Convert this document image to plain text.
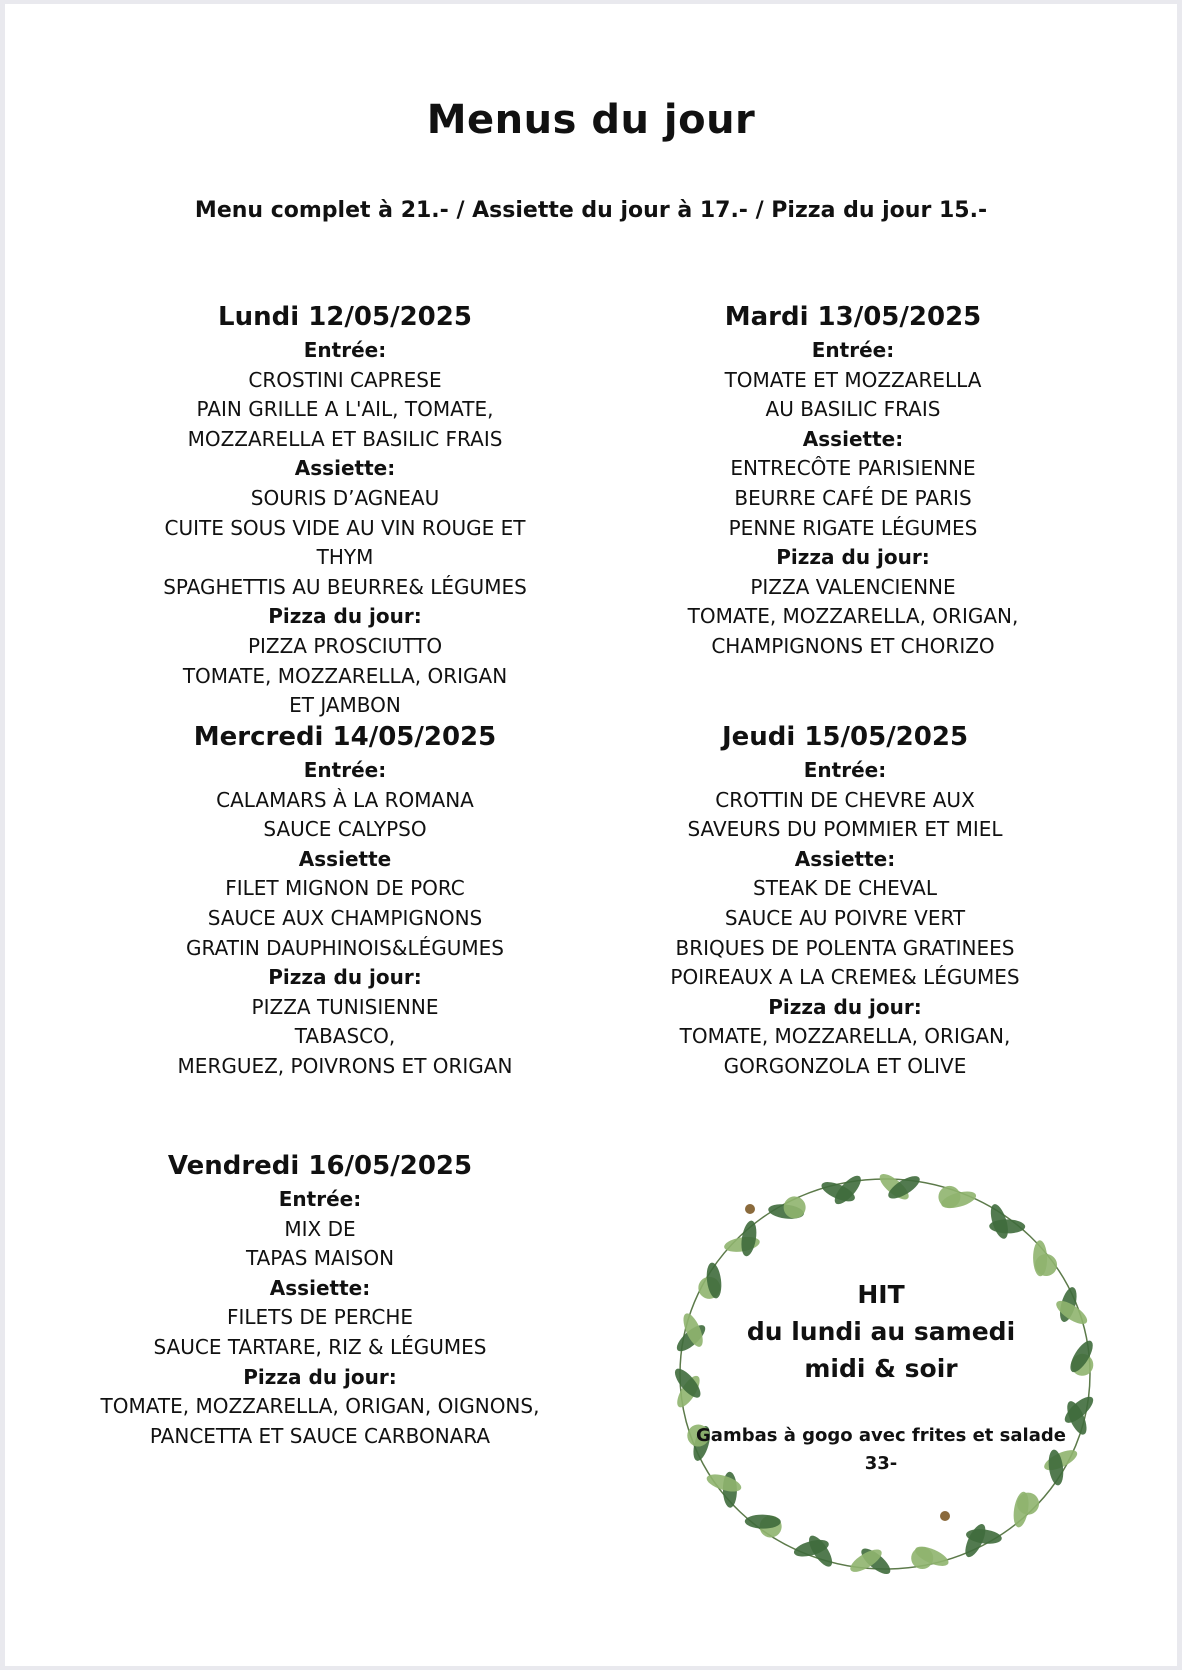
Menus du jour
Menu complet à 21.- / Assiette du jour à 17.- / Pizza du jour 15.-
Lundi 12/05/2025
Entrée:
CROSTINI CAPRESE
PAIN GRILLE A L'AIL, TOMATE,
MOZZARELLA ET BASILIC FRAIS
Assiette:
SOURIS D’AGNEAU
CUITE SOUS VIDE AU VIN ROUGE ET
THYM
SPAGHETTIS AU BEURRE& LÉGUMES
Pizza du jour:
PIZZA PROSCIUTTO
TOMATE, MOZZARELLA, ORIGAN
ET JAMBON
Mardi 13/05/2025
Entrée:
TOMATE ET MOZZARELLA
AU BASILIC FRAIS
Assiette:
ENTRECÔTE PARISIENNE
BEURRE CAFÉ DE PARIS
PENNE RIGATE LÉGUMES
Pizza du jour:
PIZZA VALENCIENNE
TOMATE, MOZZARELLA, ORIGAN,
CHAMPIGNONS ET CHORIZO
Mercredi 14/05/2025
Entrée:
CALAMARS À LA ROMANA
SAUCE CALYPSO
Assiette
FILET MIGNON DE PORC
SAUCE AUX CHAMPIGNONS
GRATIN DAUPHINOIS&LÉGUMES
Pizza du jour:
PIZZA TUNISIENNE
TABASCO,
MERGUEZ, POIVRONS ET ORIGAN
Jeudi 15/05/2025
Entrée:
CROTTIN DE CHEVRE AUX
SAVEURS DU POMMIER ET MIEL
Assiette:
STEAK DE CHEVAL
SAUCE AU POIVRE VERT
BRIQUES DE POLENTA GRATINEES
POIREAUX A LA CREME& LÉGUMES
Pizza du jour:
TOMATE, MOZZARELLA, ORIGAN,
GORGONZOLA ET OLIVE
Vendredi 16/05/2025
Entrée:
MIX DE
TAPAS MAISON
Assiette:
FILETS DE PERCHE
SAUCE TARTARE, RIZ & LÉGUMES
Pizza du jour:
TOMATE, MOZZARELLA, ORIGAN, OIGNONS,
PANCETTA ET SAUCE CARBONARA
HIT
du lundi au samedi
midi & soir
Gambas à gogo avec frites et salade
33-
